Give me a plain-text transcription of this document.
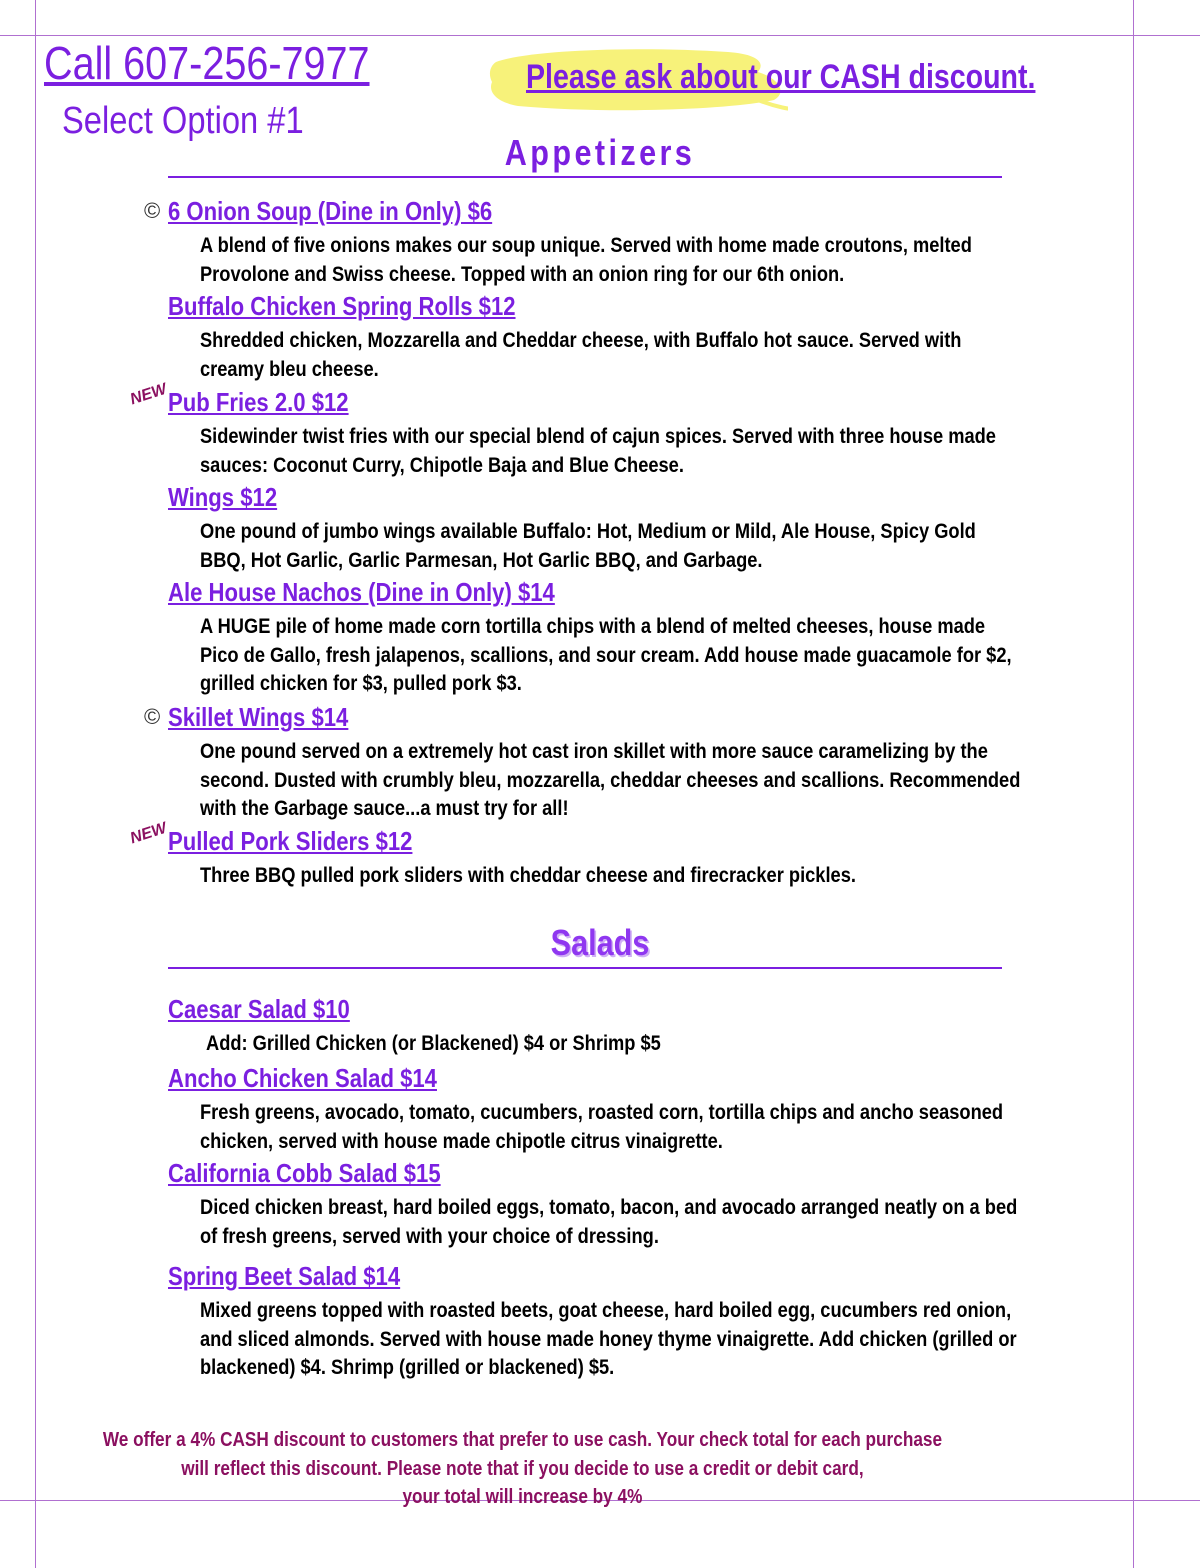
Call 607-256-7977
Select Option #1
Please ask about our CASH discount.
Appetizers
© 6 Onion Soup (Dine in Only) $6
A blend of five onions makes our soup unique. Served with home made croutons, melted Provolone and Swiss cheese. Topped with an onion ring for our 6th onion.
Buffalo Chicken Spring Rolls $12
Shredded chicken, Mozzarella and Cheddar cheese, with Buffalo hot sauce. Served with creamy bleu cheese.
NEW Pub Fries 2.0 $12
Sidewinder twist fries with our special blend of cajun spices. Served with three house made sauces: Coconut Curry, Chipotle Baja and Blue Cheese.
Wings $12
One pound of jumbo wings available Buffalo: Hot, Medium or Mild, Ale House, Spicy Gold BBQ, Hot Garlic, Garlic Parmesan, Hot Garlic BBQ, and Garbage.
Ale House Nachos (Dine in Only) $14
A HUGE pile of home made corn tortilla chips with a blend of melted cheeses, house made Pico de Gallo, fresh jalapenos, scallions, and sour cream. Add house made guacamole for $2, grilled chicken for $3, pulled pork $3.
© Skillet Wings $14
One pound served on a extremely hot cast iron skillet with more sauce caramelizing by the second. Dusted with crumbly bleu, mozzarella, cheddar cheeses and scallions. Recommended with the Garbage sauce...a must try for all!
NEW Pulled Pork Sliders $12
Three BBQ pulled pork sliders with cheddar cheese and firecracker pickles.
Salads
Caesar Salad $10
Add: Grilled Chicken (or Blackened) $4 or Shrimp $5
Ancho Chicken Salad $14
Fresh greens, avocado, tomato, cucumbers, roasted corn, tortilla chips and ancho seasoned chicken, served with house made chipotle citrus vinaigrette.
California Cobb Salad $15
Diced chicken breast, hard boiled eggs, tomato, bacon, and avocado arranged neatly on a bed of fresh greens, served with your choice of dressing.
Spring Beet Salad $14
Mixed greens topped with roasted beets, goat cheese, hard boiled egg, cucumbers red onion, and sliced almonds. Served with house made honey thyme vinaigrette. Add chicken (grilled or blackened) $4. Shrimp (grilled or blackened) $5.
We offer a 4% CASH discount to customers that prefer to use cash. Your check total for each purchase
will reflect this discount. Please note that if you decide to use a credit or debit card,
your total will increase by 4%
